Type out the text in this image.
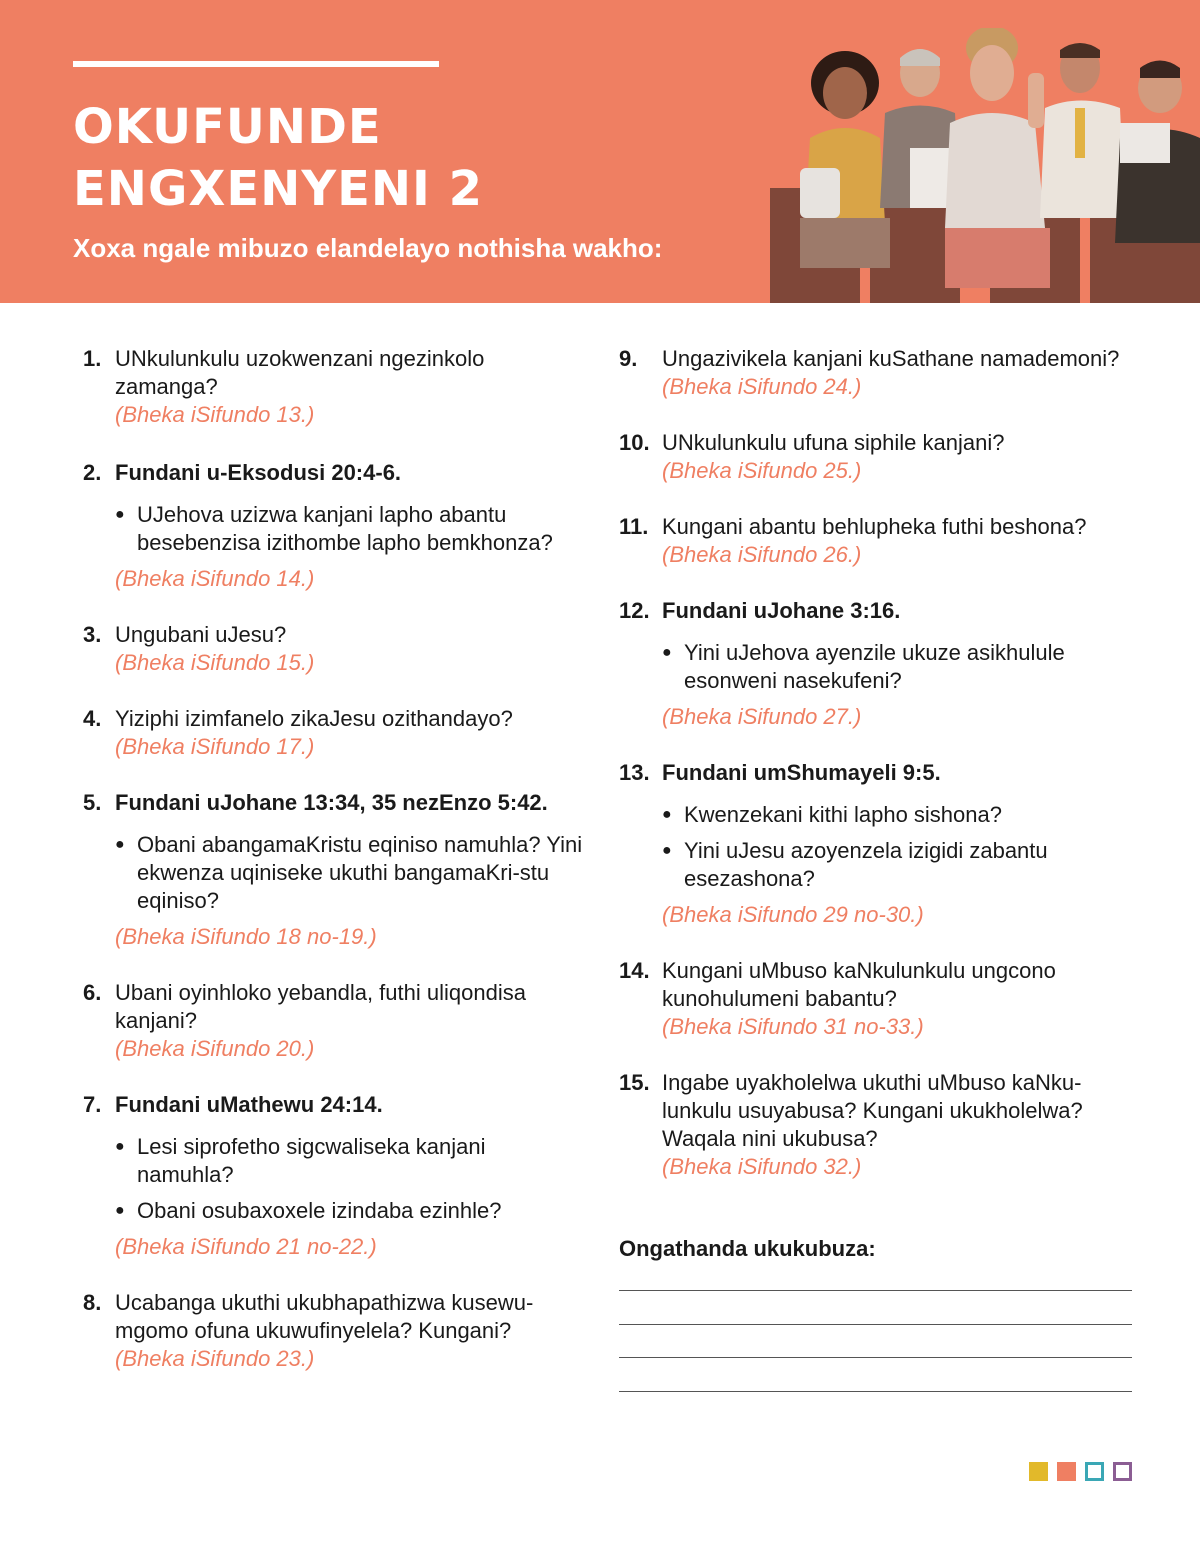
OKUFUNDE
ENGXENYENI 2
Xoxa ngale mibuzo elandelayo nothisha wakho:
1. UNkulunkulu uzokwenzani ngezinkolo zamanga?
(Bheka iSifundo 13.)
2. Fundani u-Eksodusi 20:4-6.
● UJehova uzizwa kanjani lapho abantu besebenzisa izithombe lapho bemkhonza?
(Bheka iSifundo 14.)
3. Ungubani uJesu?
(Bheka iSifundo 15.)
4. Yiziphi izimfanelo zikaJesu ozithandayo?
(Bheka iSifundo 17.)
5. Fundani uJohane 13:34, 35 nezEnzo 5:42.
● Obani abangamaKristu eqiniso namuhla? Yini ekwenza uqiniseke ukuthi bangamaKri-stu eqiniso?
(Bheka iSifundo 18 no-19.)
6. Ubani oyinhloko yebandla, futhi uliqondisa kanjani?
(Bheka iSifundo 20.)
7. Fundani uMathewu 24:14.
● Lesi siprofetho sigcwaliseka kanjani namuhla?
● Obani osubaxoxele izindaba ezinhle?
(Bheka iSifundo 21 no-22.)
8. Ucabanga ukuthi ukubhapathizwa kusewu-mgomo ofuna ukuwufinyelela? Kungani?
(Bheka iSifundo 23.)
9. Ungazivikela kanjani kuSathane namademoni?
(Bheka iSifundo 24.)
10. UNkulunkulu ufuna siphile kanjani?
(Bheka iSifundo 25.)
11. Kungani abantu behlupheka futhi beshona?
(Bheka iSifundo 26.)
12. Fundani uJohane 3:16.
● Yini uJehova ayenzile ukuze asikhulule esonweni nasekufeni?
(Bheka iSifundo 27.)
13. Fundani umShumayeli 9:5.
● Kwenzekani kithi lapho sishona?
● Yini uJesu azoyenzela izigidi zabantu esezashona?
(Bheka iSifundo 29 no-30.)
14. Kungani uMbuso kaNkulunkulu ungcono kunohulumeni babantu?
(Bheka iSifundo 31 no-33.)
15. Ingabe uyakholelwa ukuthi uMbuso kaNku-lunkulu usuyabusa? Kungani ukukholelwa? Waqala nini ukubusa?
(Bheka iSifundo 32.)
Ongathanda ukukubuza:
